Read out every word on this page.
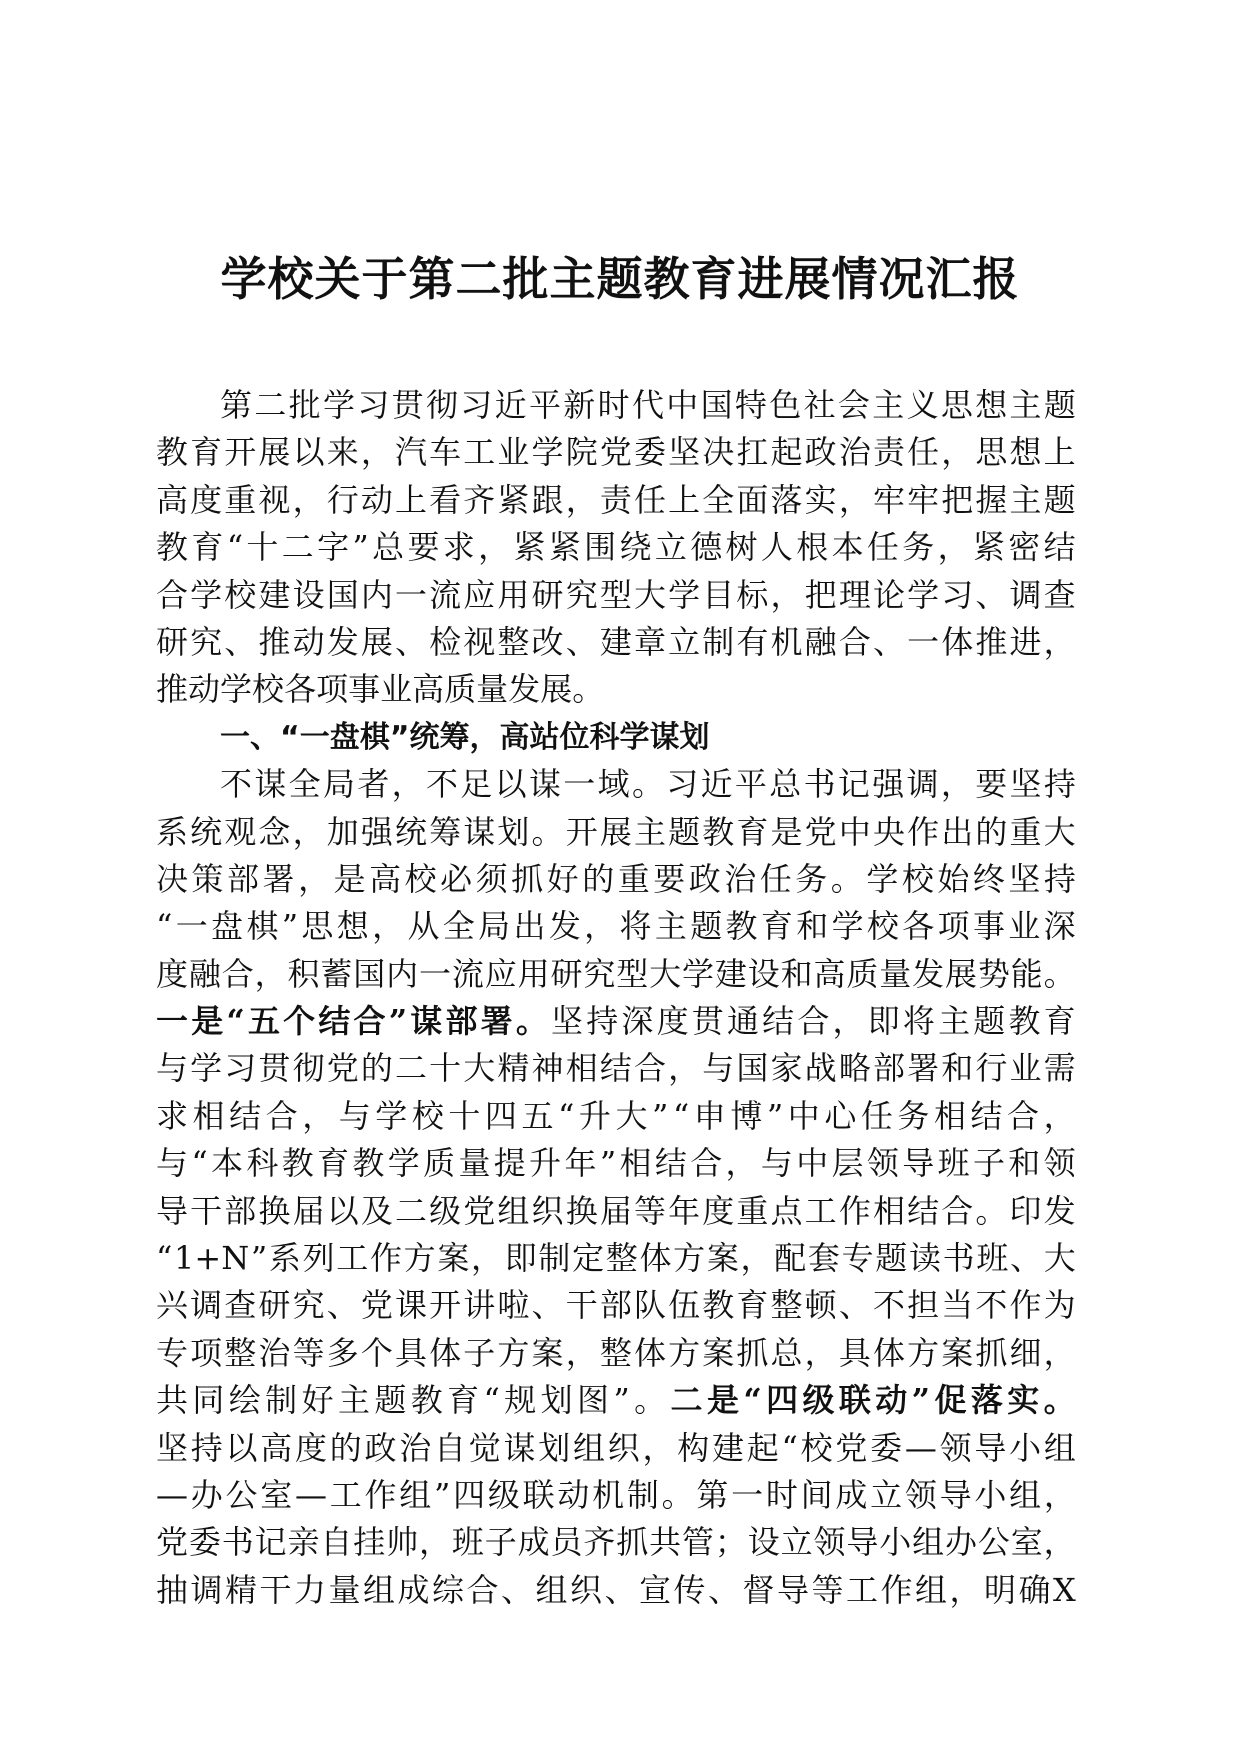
学校关于第二批主题教育进展情况汇报
第 二 批 学 习 贯 彻 习 近 平 新 时 代 中 国 特 色 社 会 主 义 思 想 主 题
教 育 开 展 以 来 ， 汽 车 工 业 学 院 党 委 坚 决 扛 起 政 治 责 任 ， 思 想 上
高 度 重 视 ， 行 动 上 看 齐 紧 跟 ， 责 任 上 全 面 落 实 ， 牢 牢 把 握 主 题
教 育 “ 十 二 字 ” 总 要 求 ， 紧 紧 围 绕 立 德 树 人 根 本 任 务 ， 紧 密 结
合 学 校 建 设 国 内 一 流 应 用 研 究 型 大 学 目 标 ， 把 理 论 学 习 、 调 查
研 究 、 推 动 发 展 、 检 视 整 改 、 建 章 立 制 有 机 融 合 、 一 体 推 进 ，
推 动 学 校 各 项 事 业 高 质 量 发 展 。
一 、 “ 一 盘 棋 ” 统 筹 ， 高 站 位 科 学 谋 划
不 谋 全 局 者 ， 不 足 以 谋 一 域 。 习 近 平 总 书 记 强 调 ， 要 坚 持
系 统 观 念 ， 加 强 统 筹 谋 划 。 开 展 主 题 教 育 是 党 中 央 作 出 的 重 大
决 策 部 署 ， 是 高 校 必 须 抓 好 的 重 要 政 治 任 务 。 学 校 始 终 坚 持
“ 一 盘 棋 ” 思 想 ， 从 全 局 出 发 ， 将 主 题 教 育 和 学 校 各 项 事 业 深
度 融 合 ， 积 蓄 国 内 一 流 应 用 研 究 型 大 学 建 设 和 高 质 量 发 展 势 能 。
一 是 “ 五 个 结 合 ” 谋 部 署 。 坚 持 深 度 贯 通 结 合 ， 即 将 主 题 教 育
与 学 习 贯 彻 党 的 二 十 大 精 神 相 结 合 ， 与 国 家 战 略 部 署 和 行 业 需
求 相 结 合 ， 与 学 校 十 四 五 “ 升 大 ” “ 申 博 ” 中 心 任 务 相 结 合 ，
与 “ 本 科 教 育 教 学 质 量 提 升 年 ” 相 结 合 ， 与 中 层 领 导 班 子 和 领
导 干 部 换 届 以 及 二 级 党 组 织 换 届 等 年 度 重 点 工 作 相 结 合 。 印 发
“ 1+N ” 系 列 工 作 方 案 ， 即 制 定 整 体 方 案 ， 配 套 专 题 读 书 班 、 大
兴 调 查 研 究 、 党 课 开 讲 啦 、 干 部 队 伍 教 育 整 顿 、 不 担 当 不 作 为
专 项 整 治 等 多 个 具 体 子 方 案 ， 整 体 方 案 抓 总 ， 具 体 方 案 抓 细 ，
共 同 绘 制 好 主 题 教 育 “ 规 划 图 ” 。 二 是 “ 四 级 联 动 ” 促 落 实 。
坚 持 以 高 度 的 政 治 自 觉 谋 划 组 织 ， 构 建 起 “ 校 党 委 — 领 导 小 组
— 办 公 室 — 工 作 组 ” 四 级 联 动 机 制 。 第 一 时 间 成 立 领 导 小 组 ，
党 委 书 记 亲 自 挂 帅 ， 班 子 成 员 齐 抓 共 管 ； 设 立 领 导 小 组 办 公 室 ，
抽 调 精 干 力 量 组 成 综 合 、 组 织 、 宣 传 、 督 导 等 工 作 组 ， 明 确 X
